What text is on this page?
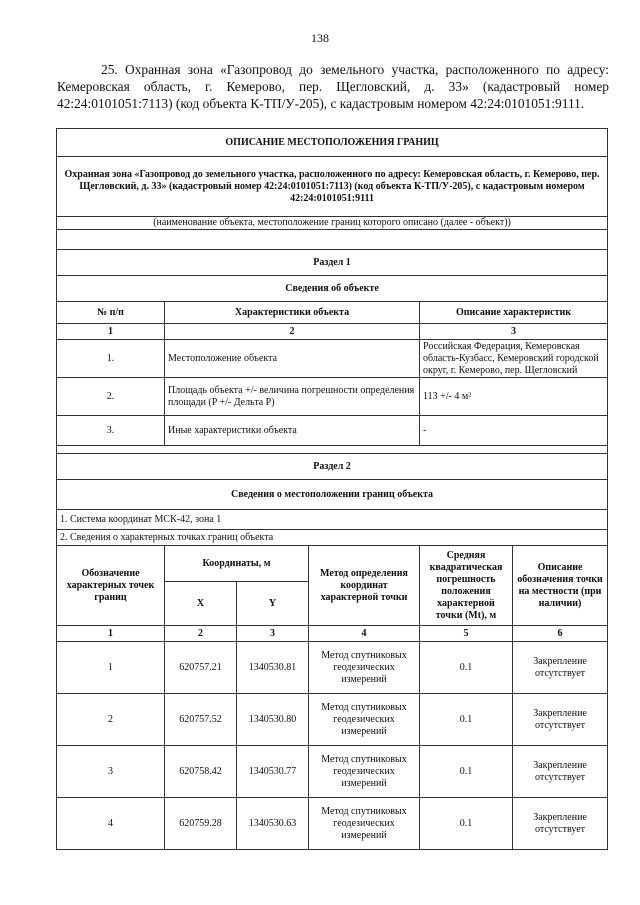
138
25. Охранная зона «Газопровод до земельного участка, расположенного по адресу: Кемеровская область, г. Кемерово, пер. Щегловский, д. 33» (кадастровый номер 42:24:0101051:7113) (код объекта К-ТП/У-205), с кадастровым номером 42:24:0101051:9111.
ОПИСАНИЕ МЕСТОПОЛОЖЕНИЯ ГРАНИЦ					
Охранная зона «Газопровод до земельного участка, расположенного по адресу: Кемеровская область, г. Кемерово, пер. Щегловский, д. 33» (кадастровый номер 42:24:0101051:7113) (код объекта К-ТП/У-205), с кадастровым номером 42:24:0101051:9111					
(наименование объекта, местоположение границ которого описано (далее - объект))					

Раздел 1					
Сведения об объекте					
№ п/п	Характеристики объекта			Описание характеристик	
1	2			3	
1.	Местоположение объекта			Российская Федерация, Кемеровская область-Кузбасс, Кемеровский городской округ, г. Кемерово, пер. Щегловский	
2.	Площадь объекта +/- величина погрешности определения площади (P +/- Дельта P)			113 +/- 4 м²	
3.	Иные характеристики объекта			-	

Раздел 2					
Сведения о местоположении границ объекта					
1. Система координат МСК-42, зона 1					
2. Сведения о характерных точках границ объекта					
Обозначение характерных точек границ	Координаты, м		Метод определения координат характерной точки	Средняя квадратическая погрешность положения характерной точки (Mt), м	Описание обозначения точки на местности (при наличии)
	X	Y			
1	2	3	4	5	6
1	620757.21	1340530.81	Метод спутниковых геодезических измерений	0.1	Закрепление отсутствует
2	620757.52	1340530.80	Метод спутниковых геодезических измерений	0.1	Закрепление отсутствует
3	620758.42	1340530.77	Метод спутниковых геодезических измерений	0.1	Закрепление отсутствует
4	620759.28	1340530.63	Метод спутниковых геодезических измерений	0.1	Закрепление отсутствует
